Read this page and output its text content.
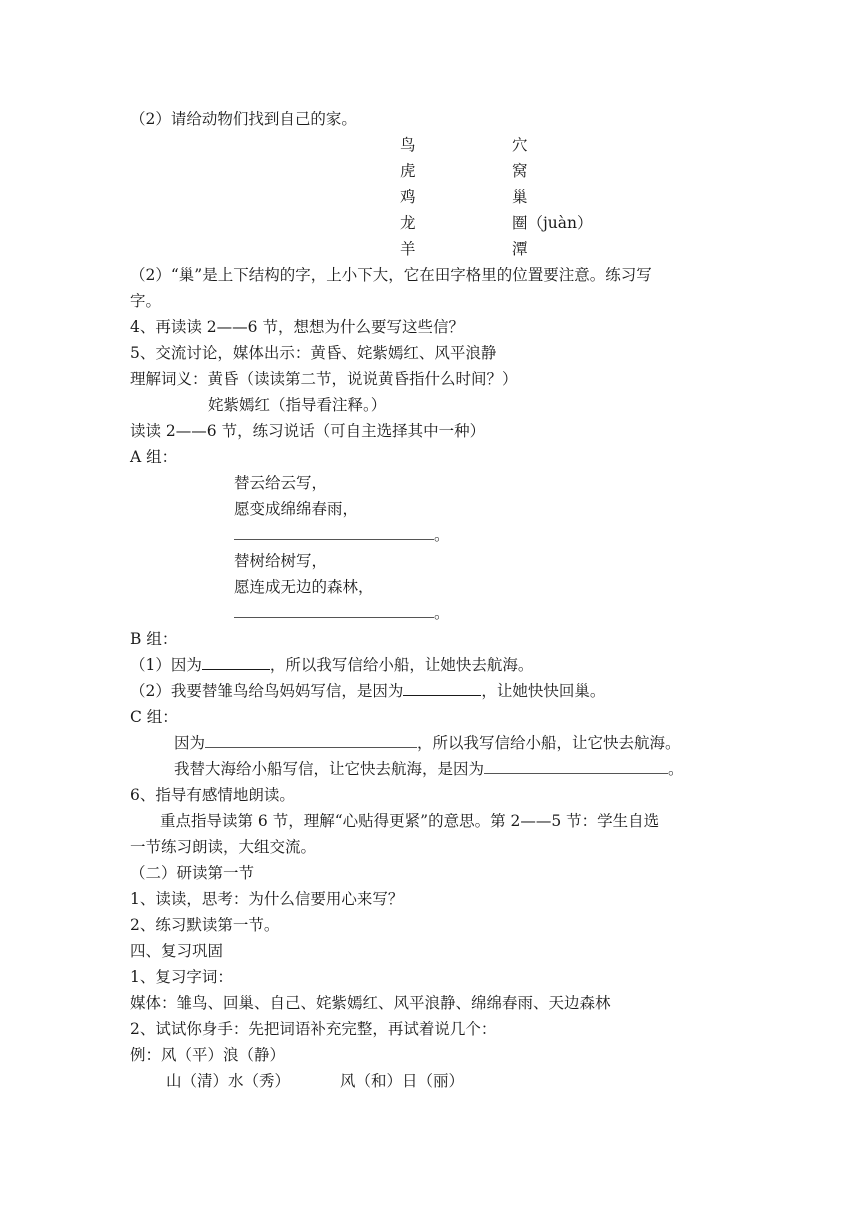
（2）请给动物们找到自己的家。
鸟	穴
虎	窝
鸡	巢
龙	圈（juàn）
羊	潭
（2）“巢”是上下结构的字，上小下大，它在田字格里的位置要注意。练习写
字。
4、再读读 2——6 节，想想为什么要写这些信？
5、交流讨论，媒体出示：黄昏、姹紫嫣红、风平浪静
理解词义：黄昏（读读第二节，说说黄昏指什么时间？）
姹紫嫣红（指导看注释。）
读读 2——6 节，练习说话（可自主选择其中一种）
A 组：
替云给云写，
愿变成绵绵春雨，
。
替树给树写，
愿连成无边的森林，
。
B 组：
（1）因为	，所以我写信给小船，让她快去航海。
（2）我要替雏鸟给鸟妈妈写信，是因为	，让她快快回巢。
C 组：
因为	，所以我写信给小船，让它快去航海。
我替大海给小船写信，让它快去航海，是因为	。
6、指导有感情地朗读。
重点指导读第 6 节，理解“心贴得更紧”的意思。第 2——5 节：学生自选
一节练习朗读，大组交流。
（二）研读第一节
1、读读，思考：为什么信要用心来写？
2、练习默读第一节。
四、复习巩固
1、复习字词：
媒体：雏鸟、回巢、自己、姹紫嫣红、风平浪静、绵绵春雨、天边森林
2、试试你身手：先把词语补充完整，再试着说几个：
例：风（平）浪（静）
山（清）水（秀）	风（和）日（丽）
